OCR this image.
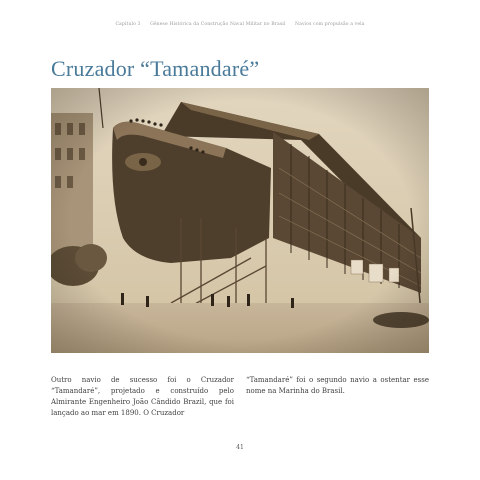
Capítulo 3 Gênese Histórica da Construção Naval Militar no Brasil Navios com propulsão a vela
Cruzador “Tamandaré”

Outro navio de sucesso foi o Cruzador “Tamandaré”, projetado e construído pelo Almirante Engenheiro João Cândido Brazil, que foi lançado ao mar em 1890. O Cruzador

“Tamandaré” foi o segundo navio a ostentar esse nome na Marinha do Brasil.

41
